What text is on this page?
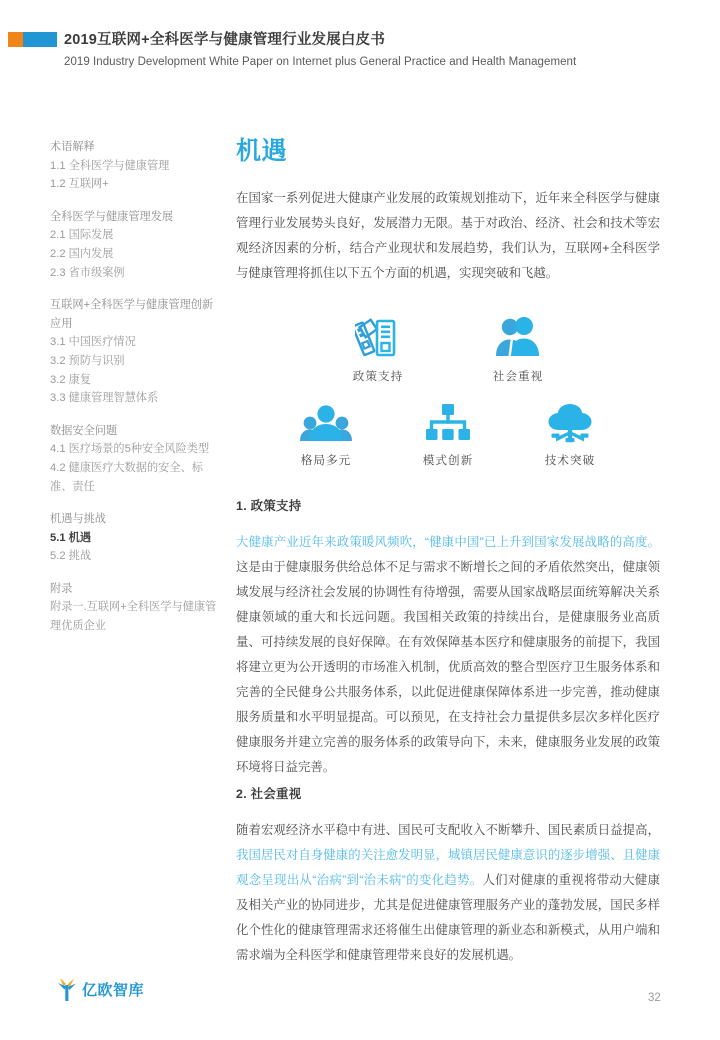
2019互联网+全科医学与健康管理行业发展白皮书
2019 Industry Development White Paper on Internet plus General Practice and Health Management
术语解释
1.1 全科医学与健康管理
1.2 互联网+
全科医学与健康管理发展
2.1 国际发展
2.2 国内发展
2.3 省市级案例
互联网+全科医学与健康管理创新应用
3.1 中国医疗情况
3.2 预防与识别
3.2 康复
3.3 健康管理智慧体系
数据安全问题
4.1 医疗场景的5种安全风险类型
4.2 健康医疗大数据的安全、标准、责任
机遇与挑战
5.1 机遇
5.2 挑战
附录
附录一.互联网+全科医学与健康管理优质企业
机遇

在国家一系列促进大健康产业发展的政策规划推动下，近年来全科医学与健康管理行业发展势头良好，发展潜力无限。基于对政治、经济、社会和技术等宏观经济因素的分析，结合产业现状和发展趋势，我们认为，互联网+全科医学与健康管理将抓住以下五个方面的机遇，实现突破和飞越。

政策支持	社会重视
格局多元	模式创新	技术突破
1. 政策支持

大健康产业近年来政策暖风频吹，“健康中国”已上升到国家发展战略的高度。这是由于健康服务供给总体不足与需求不断增长之间的矛盾依然突出，健康领域发展与经济社会发展的协调性有待增强，需要从国家战略层面统筹解决关系健康领域的重大和长远问题。我国相关政策的持续出台，是健康服务业高质量、可持续发展的良好保障。在有效保障基本医疗和健康服务的前提下，我国将建立更为公开透明的市场准入机制，优质高效的整合型医疗卫生服务体系和完善的全民健身公共服务体系，以此促进健康保障体系进一步完善，推动健康服务质量和水平明显提高。可以预见，在支持社会力量提供多层次多样化医疗健康服务并建立完善的服务体系的政策导向下，未来，健康服务业发展的政策环境将日益完善。

2. 社会重视

随着宏观经济水平稳中有进、国民可支配收入不断攀升、国民素质日益提高，我国居民对自身健康的关注愈发明显，城镇居民健康意识的逐步增强、且健康观念呈现出从“治病”到“治未病”的变化趋势。人们对健康的重视将带动大健康及相关产业的协同进步，尤其是促进健康管理服务产业的蓬勃发展，国民多样化个性化的健康管理需求还将催生出健康管理的新业态和新模式，从用户端和需求端为全科医学和健康管理带来良好的发展机遇。

亿欧智库	32
